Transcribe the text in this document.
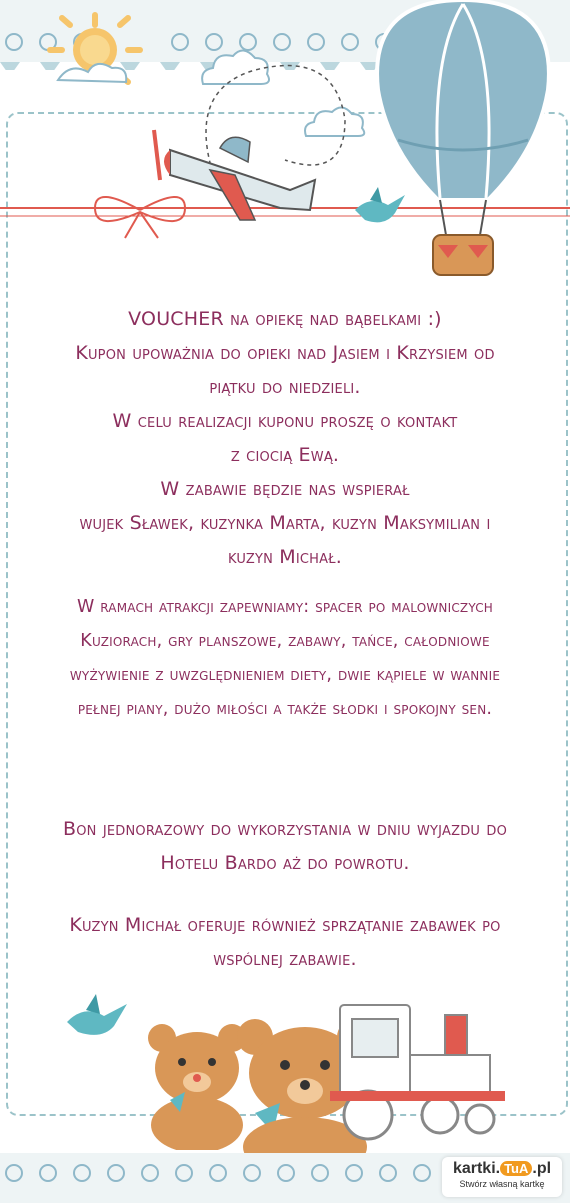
VOUCHER na opiekę nad bąbelkami :)
Kupon upoważnia do opieki nad Jasiem i Krzysiem od
piątku do niedzieli.
W celu realizacji kuponu proszę o kontakt
z ciocią Ewą.
W zabawie będzie nas wspierał
wujek Sławek, kuzynka Marta, kuzyn Maksymilian i
kuzyn Michał.
W ramach atrakcji zapewniamy: spacer po malowniczych
Kuziorach, gry planszowe, zabawy, tańce, całodniowe
wyżywienie z uwzględnieniem diety, dwie kąpiele w wannie
pełnej piany, dużo miłości a także słodki i spokojny sen.
Bon jednorazowy do wykorzystania w dniu wyjazdu do
Hotelu Bardo aż do powrotu.
Kuzyn Michał oferuje również sprzątanie zabawek po
wspólnej zabawie.
kartki. TuA .pl
Stwórz własną kartkę
